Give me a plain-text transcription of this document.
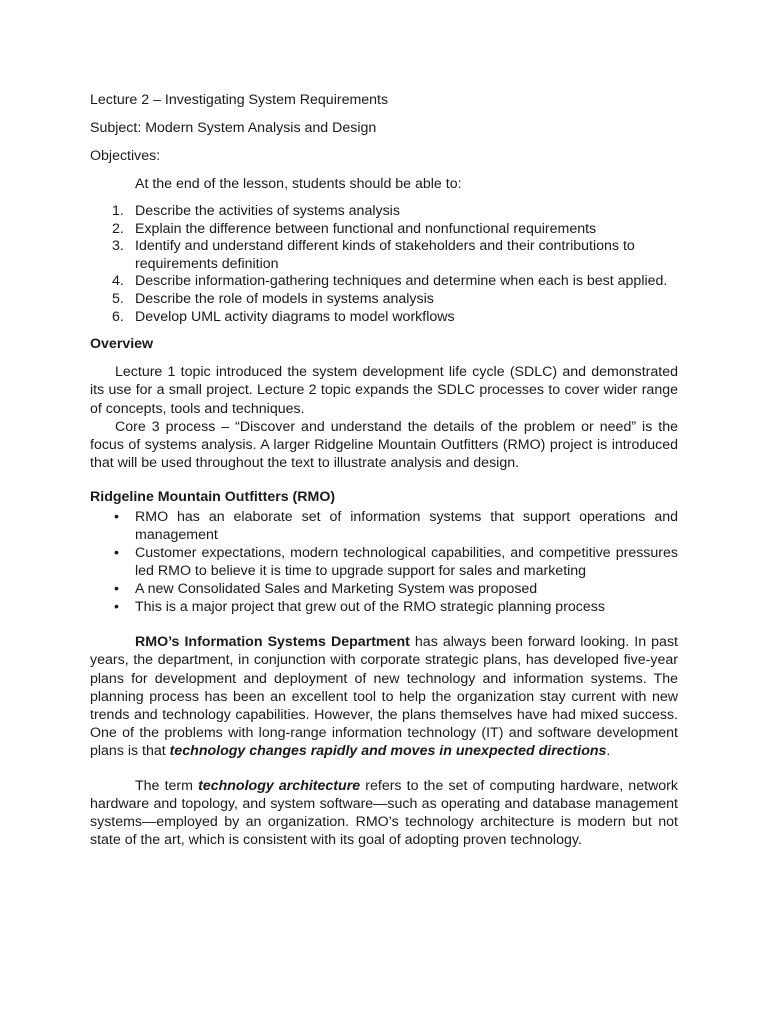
Lecture 2 – Investigating System Requirements

Subject: Modern System Analysis and Design

Objectives:

At the end of the lesson, students should be able to:

1. Describe the activities of systems analysis
2. Explain the difference between functional and nonfunctional requirements
3. Identify and understand different kinds of stakeholders and their contributions to requirements definition
4. Describe information-gathering techniques and determine when each is best applied.
5. Describe the role of models in systems analysis
6. Develop UML activity diagrams to model workflows

Overview

Lecture 1 topic introduced the system development life cycle (SDLC) and demonstrated its use for a small project. Lecture 2 topic expands the SDLC processes to cover wider range of concepts, tools and techniques.

Core 3 process – “Discover and understand the details of the problem or need” is the focus of systems analysis. A larger Ridgeline Mountain Outfitters (RMO) project is introduced that will be used throughout the text to illustrate analysis and design.

Ridgeline Mountain Outfitters (RMO)

• RMO has an elaborate set of information systems that support operations and management
• Customer expectations, modern technological capabilities, and competitive pressures led RMO to believe it is time to upgrade support for sales and marketing
• A new Consolidated Sales and Marketing System was proposed
• This is a major project that grew out of the RMO strategic planning process

RMO’s Information Systems Department has always been forward looking. In past years, the department, in conjunction with corporate strategic plans, has developed five-year plans for development and deployment of new technology and information systems. The planning process has been an excellent tool to help the organization stay current with new trends and technology capabilities. However, the plans themselves have had mixed success. One of the problems with long-range information technology (IT) and software development plans is that technology changes rapidly and moves in unexpected directions.

The term technology architecture refers to the set of computing hardware, network hardware and topology, and system software—such as operating and database management systems—employed by an organization. RMO’s technology architecture is modern but not state of the art, which is consistent with its goal of adopting proven technology.
